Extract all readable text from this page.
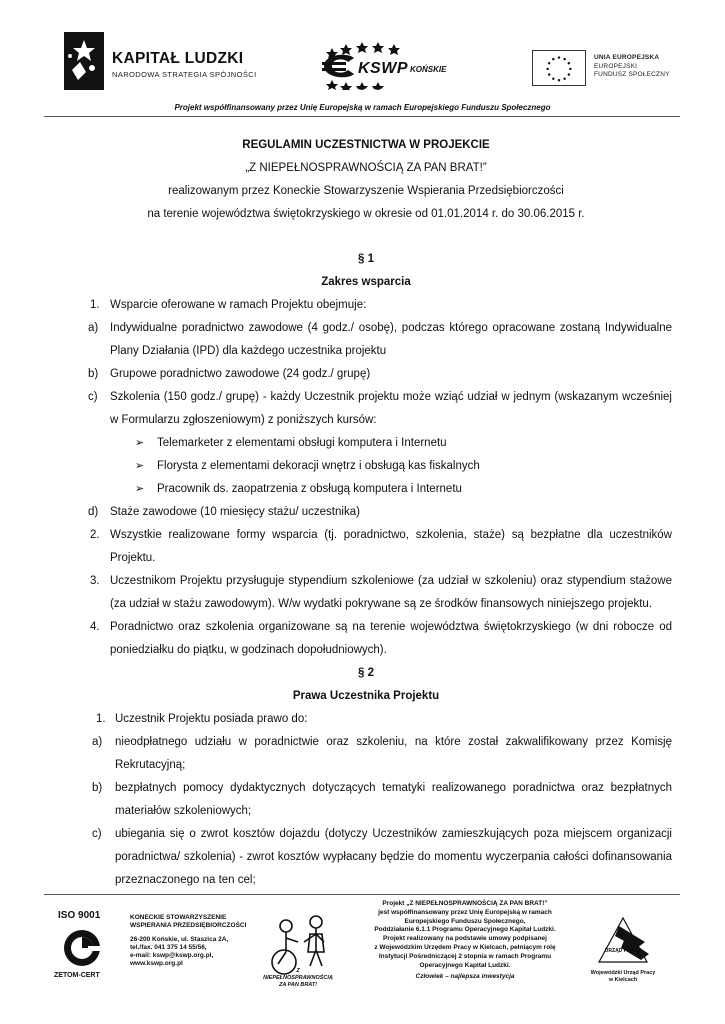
KAPITAŁ LUDZKI
NARODOWA STRATEGIA SPÓJNOŚCI	KSWP KOŃSKIE
UNIA EUROPEJSKA
EUROPEJSKI
FUNDUSZ SPOŁECZNY
Projekt współfinansowany przez Unię Europejską w ramach Europejskiego Funduszu Społecznego
REGULAMIN UCZESTNICTWA W PROJEKCIE
„Z NIEPEŁNOSPRAWNOŚCIĄ ZA PAN BRAT!”
realizowanym przez Koneckie Stowarzyszenie Wspierania Przedsiębiorczości
na terenie województwa świętokrzyskiego w okresie od 01.01.2014 r. do 30.06.2015 r.
§ 1
Zakres wsparcia
1. Wsparcie oferowane w ramach Projektu obejmuje:
a)	Indywidualne poradnictwo zawodowe (4 godz./ osobę), podczas którego opracowane zostaną Indywidualne Plany Działania (IPD) dla każdego uczestnika projektu
b)	Grupowe poradnictwo zawodowe (24 godz./ grupę)
c)	Szkolenia (150 godz./ grupę) - każdy Uczestnik projektu może wziąć udział w jednym (wskazanym wcześniej w Formularzu zgłoszeniowym) z poniższych kursów:
➢	Telemarketer z elementami obsługi komputera i Internetu
➢	Florysta z elementami dekoracji wnętrz i obsługą kas fiskalnych
➢	Pracownik ds. zaopatrzenia z obsługą komputera i Internetu
d)	Staże zawodowe (10 miesięcy stażu/ uczestnika)
2. Wszystkie realizowane formy wsparcia (tj. poradnictwo, szkolenia, staże) są bezpłatne dla uczestników Projektu.
3. Uczestnikom Projektu przysługuje stypendium szkoleniowe (za udział w szkoleniu) oraz stypendium stażowe (za udział w stażu zawodowym). W/w wydatki pokrywane są ze środków finansowych niniejszego projektu.
4. Poradnictwo oraz szkolenia organizowane są na terenie województwa świętokrzyskiego (w dni robocze od poniedziałku do piątku, w godzinach dopołudniowych).
§ 2
Prawa Uczestnika Projektu
1. Uczestnik Projektu posiada prawo do:
a)	nieodpłatnego udziału w poradnictwie oraz szkoleniu, na które został zakwalifikowany przez Komisję Rekrutacyjną;
b)	bezpłatnych pomocy dydaktycznych dotyczących tematyki realizowanego poradnictwa oraz bezpłatnych materiałów szkoleniowych;
c)	ubiegania się o zwrot kosztów dojazdu (dotyczy Uczestników zamieszkujących poza miejscem organizacji poradnictwa/ szkolenia) - zwrot kosztów wypłacany będzie do momentu wyczerpania całości dofinansowania przeznaczonego na ten cel;
ISO 9001
ZETOM-CERT
KONECKIE STOWARZYSZENIE
WSPIERANIA PRZEDSIĘBIORCZOŚCI
26-200 Końskie, ul. Staszica 2A,
tel./fax. 041 375 14 55/56,
e-mail: kswp@kswp.org.pl,
www.kswp.org.pl
Z NIEPEŁNOSPRAWNOŚCIĄ
ZA PAN BRAT!
Projekt „Z NIEPEŁNOSPRAWNOŚCIĄ ZA PAN BRAT!”
jest współfinansowany przez Unię Europejską w ramach
Europejskiego Funduszu Społecznego,
Poddziałanie 6.1.1 Programu Operacyjnego Kapitał Ludzki.
Projekt realizowany na podstawie umowy podpisanej
z Wojewódzkim Urzędem Pracy w Kielcach, pełniącym rolę
Instytucji Pośredniczącej 2 stopnia w ramach Programu
Operacyjnego Kapitał Ludzki.
Człowiek – najlepsza inwestycja
URZĄD PRACY
Wojewódzki Urząd Pracy
w Kielcach
